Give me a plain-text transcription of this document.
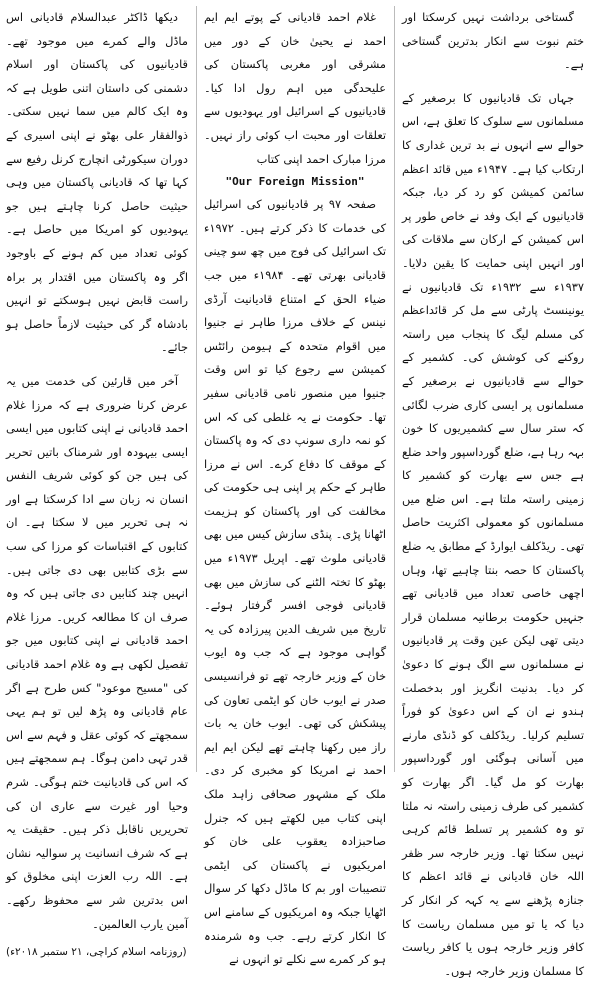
گستاخی برداشت نہیں کرسکتا اور ختم نبوت سے انکار بدترین گستاخی ہے۔

جہاں تک قادیانیوں کا برصغیر کے مسلمانوں سے سلوک کا تعلق ہے، اس حوالے سے انہوں نے بد ترین غداری کا ارتکاب کیا ہے۔ ۱۹۴۷ء میں قائد اعظم سائمن کمیشن کو رد کر دیا، جبکہ قادیانیوں کے ایک وفد نے خاص طور پر اس کمیشن کے ارکان سے ملاقات کی اور انہیں اپنی حمایت کا یقین دلایا۔ ۱۹۳۷ء سے ۱۹۳۲ء تک قادیانیوں نے یونینسٹ پارٹی سے مل کر قائداعظم کی مسلم لیگ کا پنجاب میں راستہ روکنے کی کوشش کی۔ کشمیر کے حوالے سے قادیانیوں نے برصغیر کے مسلمانوں پر ایسی کاری ضرب لگائی کہ ستر سال سے کشمیریوں کا خون بہہ رہا ہے، ضلع گورداسپور واحد ضلع ہے جس سے بھارت کو کشمیر کا زمینی راستہ ملتا ہے۔ اس ضلع میں مسلمانوں کو معمولی اکثریت حاصل تھی۔ ریڈکلف ایوارڈ کے مطابق یہ ضلع پاکستان کا حصہ بنتا چاہیے تھا، وہاں اچھی خاصی تعداد میں قادیانی تھے جنہیں حکومت برطانیہ مسلمان قرار دیتی تھی لیکن عین وقت پر قادیانیوں نے مسلمانوں سے الگ ہونے کا دعویٰ کر دیا۔ بدنیت انگریز اور بدخصلت ہندو نے ان کے اس دعویٰ کو فوراً تسلیم کرلیا۔ ریڈکلف کو ڈنڈی مارنے میں آسانی ہوگئی اور گورداسپور بھارت کو مل گیا۔ اگر بھارت کو کشمیر کی طرف زمینی راستہ نہ ملتا تو وہ کشمیر پر تسلط قائم کرہی نہیں سکتا تھا۔ وزیر خارجہ سر ظفر اللہ خان قادیانی نے قائد اعظم کا جنازہ پڑھنے سے یہ کہہ کر انکار کر دیا کہ یا تو میں مسلمان ریاست کا کافر وزیر خارجہ ہوں یا کافر ریاست کا مسلمان وزیر خارجہ ہوں۔

غلام احمد قادیانی کے پوتے ایم ایم احمد نے یحییٰ خان کے دور میں مشرقی اور مغربی پاکستان کی علیحدگی میں اہم رول ادا کیا۔ قادیانیوں کے اسرائیل اور یہودیوں سے تعلقات اور محبت اب کوئی راز نہیں۔ مرزا مبارک احمد اپنی کتاب

"Our Foreign Mission"

صفحہ ۹۷ پر قادیانیوں کی اسرائیل کی خدمات کا ذکر کرتے ہیں۔ ۱۹۷۲ء تک اسرائیل کی فوج میں چھ سو چینی قادیانی بھرتی تھے۔ ۱۹۸۴ء میں جب ضیاء الحق کے امتناع قادیانیت آرڈی نینس کے خلاف مرزا طاہر نے جنیوا میں اقوام متحدہ کے ہیومن رائٹس کمیشن سے رجوع کیا تو اس وقت جنیوا میں منصور نامی قادیانی سفیر تھا۔ حکومت نے یہ غلطی کی کہ اس کو نمہ داری سونپ دی کہ وہ پاکستان کے موقف کا دفاع کرے۔ اس نے مرزا طاہر کے حکم پر اپنی ہی حکومت کی مخالفت کی اور پاکستان کو ہزیمت اٹھانا پڑی۔ پنڈی سازش کیس میں بھی قادیانی ملوث تھے۔ اپریل ۱۹۷۳ء میں بھٹو کا تختہ الٹنے کی سازش میں بھی قادیانی فوجی افسر گرفتار ہوئے۔ تاریخ میں شریف الدین پیرزادہ کی یہ گواہی موجود ہے کہ جب وہ ایوب خان کے وزیر خارجہ تھے تو فرانسیسی صدر نے ایوب خان کو ایٹمی تعاون کی پیشکش کی تھی۔ ایوب خان یہ بات راز میں رکھنا چاہتے تھے لیکن ایم ایم احمد نے امریکا کو مخبری کر دی۔ ملک کے مشہور صحافی زاہد ملک اپنی کتاب میں لکھتے ہیں کہ جنرل صاحبزادہ یعقوب علی خان کو امریکیوں نے پاکستان کی ایٹمی تنصیبات اور بم کا ماڈل دکھا کر سوال اٹھایا جبکہ وہ امریکیوں کے سامنے اس کا انکار کرتے رہے۔ جب وہ شرمندہ ہو کر کمرے سے نکلے تو انہوں نے

دیکھا ڈاکٹر عبدالسلام قادیانی اس ماڈل والے کمرے میں موجود تھے۔ قادیانیوں کی پاکستان اور اسلام دشمنی کی داستان اتنی طویل ہے کہ وہ ایک کالم میں سما نہیں سکتی۔ ذوالفقار علی بھٹو نے اپنی اسیری کے دوران سیکورٹی انچارج کرنل رفیع سے کہا تھا کہ قادیانی پاکستان میں وہی حیثیت حاصل کرنا چاہتے ہیں جو یہودیوں کو امریکا میں حاصل ہے۔ کوئی تعداد میں کم ہونے کے باوجود اگر وہ پاکستان میں اقتدار پر براہ راست قابض نہیں ہوسکتے تو انہیں بادشاہ گر کی حیثیت لازماً حاصل ہو جائے۔

آخر میں قارئین کی خدمت میں یہ عرض کرنا ضروری ہے کہ مرزا غلام احمد قادیانی نے اپنی کتابوں میں ایسی ایسی بیہودہ اور شرمناک باتیں تحریر کی ہیں جن کو کوئی شریف النفس انسان نہ زبان سے ادا کرسکتا ہے اور نہ ہی تحریر میں لا سکتا ہے۔ ان کتابوں کے اقتباسات کو مرزا کی سب سے بڑی کتابیں بھی دی جاتی ہیں۔ انہیں چند کتابیں دی جاتی ہیں کہ وہ صرف ان کا مطالعہ کریں۔ مرزا غلام احمد قادیانی نے اپنی کتابوں میں جو تفصیل لکھی ہے وہ غلام احمد قادیانی کی "مسیح موعود" کس طرح ہے اگر عام قادیانی وہ پڑھ لیں تو ہم یہی سمجھتے کہ کوئی عقل و فہم سے اس قدر تہی دامن ہوگا۔ ہم سمجھتے ہیں کہ اس کی قادیانیت ختم ہوگی۔ شرم وحیا اور غیرت سے عاری ان کی تحریریں ناقابل ذکر ہیں۔ حقیقت یہ ہے کہ شرف انسانیت پر سوالیہ نشان ہے۔ اللہ رب العزت اپنی مخلوق کو اس بدترین شر سے محفوظ رکھے۔ آمین یارب العالمین۔

(روزنامہ اسلام کراچی، ۲۱ ستمبر ۲۰۱۸ء)
